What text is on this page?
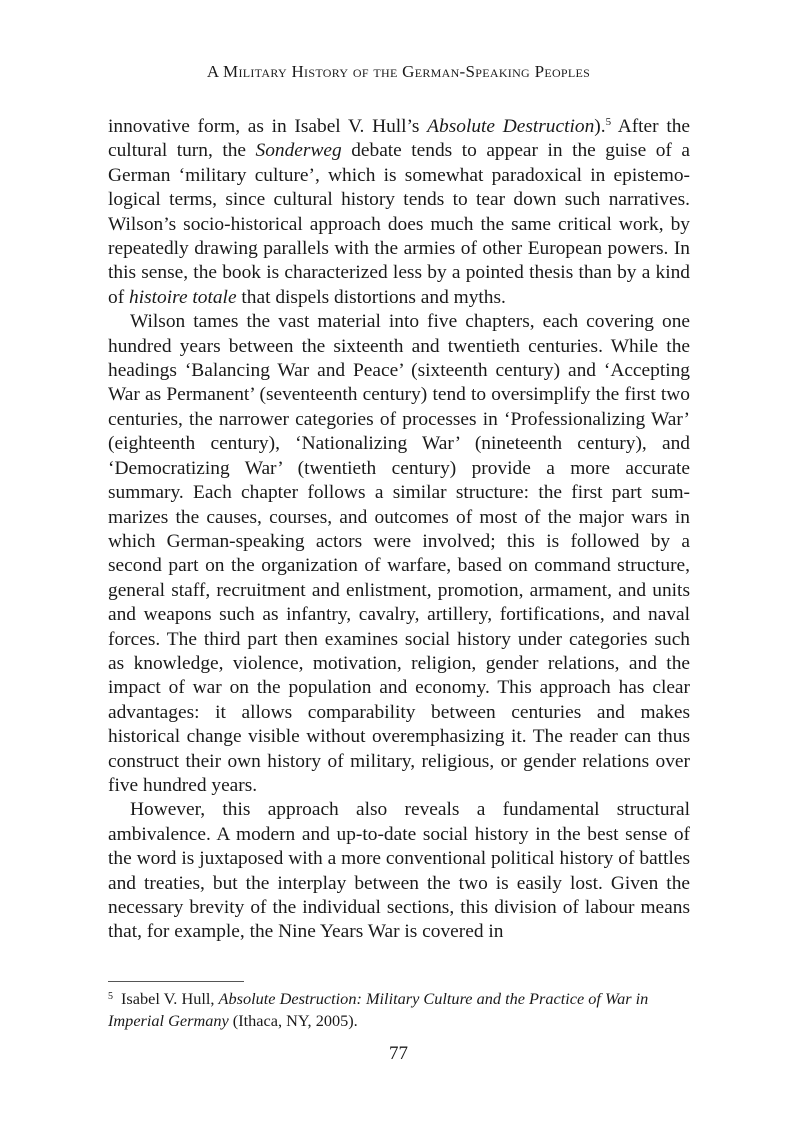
A Military History of the German-Speaking Peoples

innovative form, as in Isabel V. Hull’s Absolute Destruction).$^5$ After the cultural turn, the Sonderweg debate tends to appear in the guise of a German ‘military culture’, which is somewhat paradoxical in epistemological terms, since cultural history tends to tear down such narratives. Wilson’s socio-historical approach does much the same critical work, by repeatedly drawing parallels with the armies of other European powers. In this sense, the book is characterized less by a pointed thesis than by a kind of histoire totale that dispels distortions and myths.

Wilson tames the vast material into five chapters, each covering one hundred years between the sixteenth and twentieth centuries. While the headings ‘Balancing War and Peace’ (sixteenth century) and ‘Accepting War as Permanent’ (seventeenth century) tend to oversimplify the first two centuries, the narrower categories of processes in ‘Professionalizing War’ (eighteenth century), ‘Nationalizing War’ (nineteenth century), and ‘Democratizing War’ (twentieth century) provide a more accurate summary. Each chapter follows a similar structure: the first part summarizes the causes, courses, and outcomes of most of the major wars in which German-speaking actors were involved; this is followed by a second part on the organization of warfare, based on command structure, general staff, recruitment and enlistment, promotion, armament, and units and weapons such as infantry, cavalry, artillery, fortifications, and naval forces. The third part then examines social history under categories such as knowledge, violence, motivation, religion, gender relations, and the impact of war on the population and economy. This approach has clear advantages: it allows comparability between centuries and makes historical change visible without overemphasizing it. The reader can thus construct their own history of military, religious, or gender relations over five hundred years.

However, this approach also reveals a fundamental structural ambivalence. A modern and up-to-date social history in the best sense of the word is juxtaposed with a more conventional political history of battles and treaties, but the interplay between the two is easily lost. Given the necessary brevity of the individual sections, this division of labour means that, for example, the Nine Years War is covered in

$^5$ Isabel V. Hull, Absolute Destruction: Military Culture and the Practice of War in Imperial Germany (Ithaca, NY, 2005).
77
